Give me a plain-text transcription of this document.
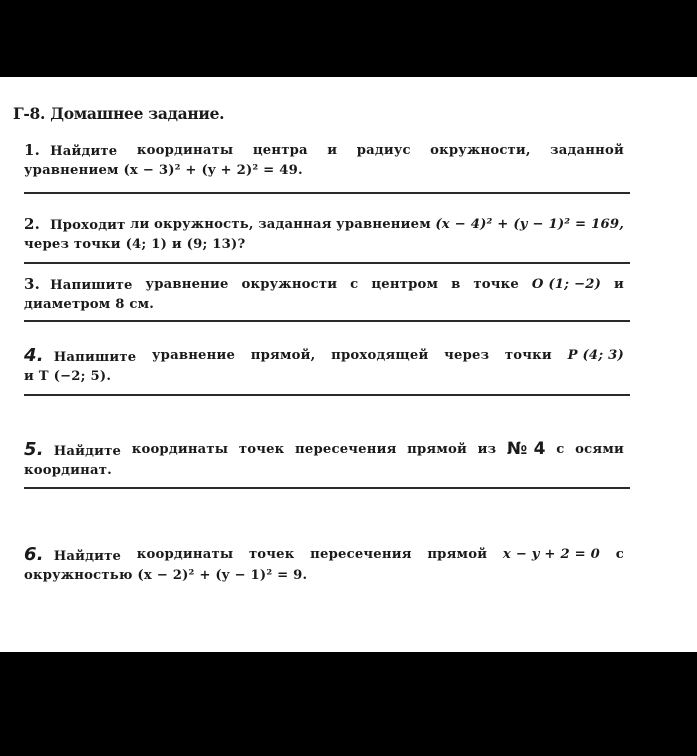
Г-8. Домашнее задание.
1. Найдите координаты центра и радиус окружности, заданной
уравнением (x − 3)² + (y + 2)² = 49.
2. Проходит ли окружность, заданная уравнением (x − 4)² + (y − 1)² = 169,
через точки (4; 1) и (9; 13)?
3. Напишите уравнение окружности с центром в точке O (1; −2) и
диаметром 8 см.
4. Напишите уравнение прямой, проходящей через точки P (4; 3)
и T (−2; 5).
5. Найдите координаты точек пересечения прямой из № 4 с осями
координат.
6. Найдите координаты точек пересечения прямой x − y + 2 = 0 с
окружностью (x − 2)² + (y − 1)² = 9.
